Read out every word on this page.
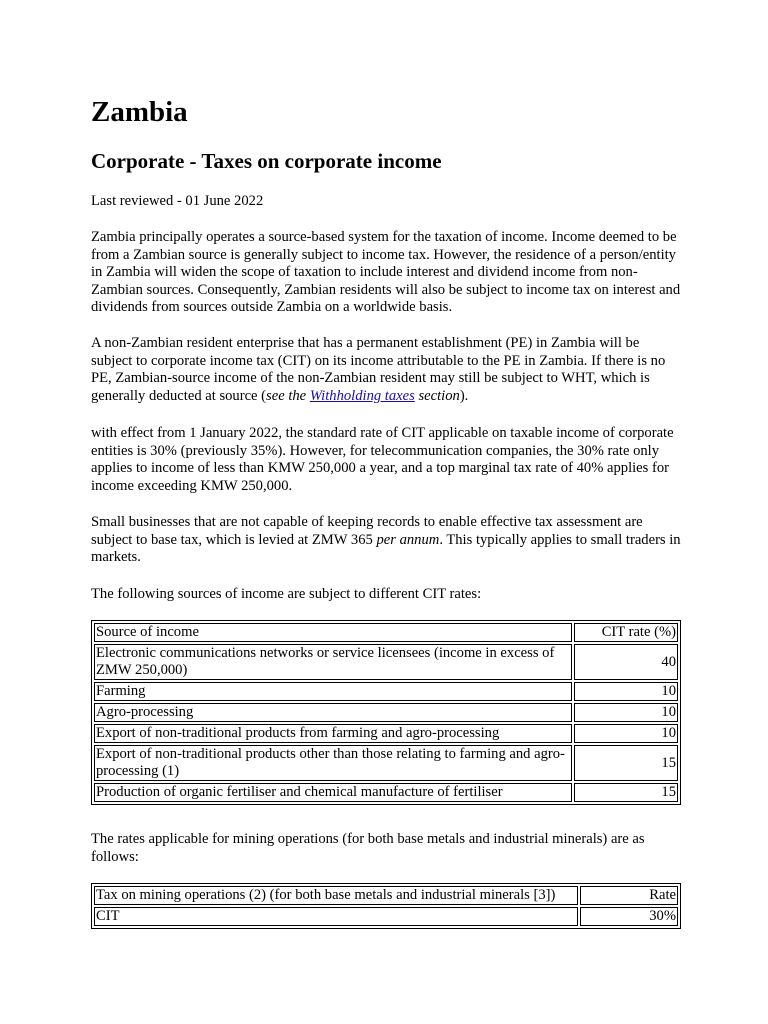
Zambia
Corporate - Taxes on corporate income

Last reviewed - 01 June 2022

Zambia principally operates a source-based system for the taxation of income. Income deemed to be from a Zambian source is generally subject to income tax. However, the residence of a person/entity in Zambia will widen the scope of taxation to include interest and dividend income from non-Zambian sources. Consequently, Zambian residents will also be subject to income tax on interest and dividends from sources outside Zambia on a worldwide basis.

A non-Zambian resident enterprise that has a permanent establishment (PE) in Zambia will be subject to corporate income tax (CIT) on its income attributable to the PE in Zambia. If there is no PE, Zambian-source income of the non-Zambian resident may still be subject to WHT, which is generally deducted at source (see the Withholding taxes section).

with effect from 1 January 2022, the standard rate of CIT applicable on taxable income of corporate entities is 30% (previously 35%). However, for telecommunication companies, the 30% rate only applies to income of less than KMW 250,000 a year, and a top marginal tax rate of 40% applies for income exceeding KMW 250,000.

Small businesses that are not capable of keeping records to enable effective tax assessment are subject to base tax, which is levied at ZMW 365 per annum. This typically applies to small traders in markets.

The following sources of income are subject to different CIT rates:

Source of income	CIT rate (%)
Electronic communications networks or service licensees (income in excess of ZMW 250,000)	40
Farming	10
Agro-processing	10
Export of non-traditional products from farming and agro-processing	10
Export of non-traditional products other than those relating to farming and agro-processing (1)	15
Production of organic fertiliser and chemical manufacture of fertiliser	15

The rates applicable for mining operations (for both base metals and industrial minerals) are as follows:

Tax on mining operations (2) (for both base metals and industrial minerals [3])	Rate
CIT	30%
